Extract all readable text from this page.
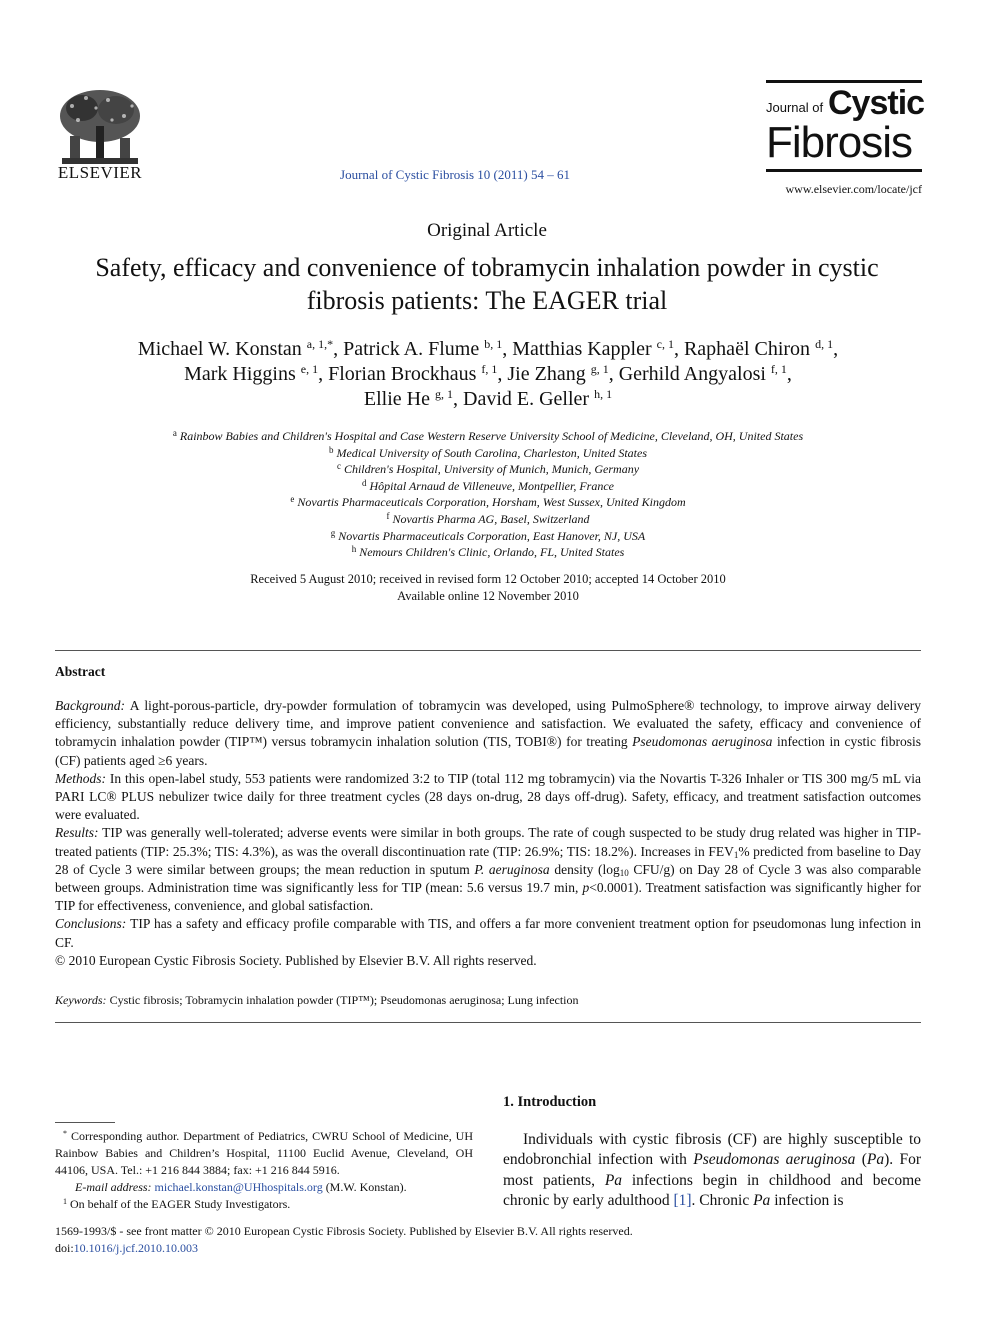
ELSEVIER	Journal of Cystic Fibrosis 10 (2011) 54 – 61
Journal of Cystic
Fibrosis
www.elsevier.com/locate/jcf
Original Article
Safety, efficacy and convenience of tobramycin inhalation powder in cystic
fibrosis patients: The EAGER trial
Michael W. Konstan $^{a, 1,*}$, Patrick A. Flume $^{b, 1}$, Matthias Kappler $^{c, 1}$, Raphaël Chiron $^{d, 1}$,
Mark Higgins $^{e, 1}$, Florian Brockhaus $^{f, 1}$, Jie Zhang $^{g, 1}$, Gerhild Angyalosi $^{f, 1}$,
Ellie He $^{g, 1}$, David E. Geller $^{h, 1}$
$^a$ Rainbow Babies and Children's Hospital and Case Western Reserve University School of Medicine, Cleveland, OH, United States
$^b$ Medical University of South Carolina, Charleston, United States
$^c$ Children's Hospital, University of Munich, Munich, Germany
$^d$ Hôpital Arnaud de Villeneuve, Montpellier, France
$^e$ Novartis Pharmaceuticals Corporation, Horsham, West Sussex, United Kingdom
$^f$ Novartis Pharma AG, Basel, Switzerland
$^g$ Novartis Pharmaceuticals Corporation, East Hanover, NJ, USA
$^h$ Nemours Children's Clinic, Orlando, FL, United States
Received 5 August 2010; received in revised form 12 October 2010; accepted 14 October 2010
Available online 12 November 2010
Abstract

Background: A light-porous-particle, dry-powder formulation of tobramycin was developed, using PulmoSphere® technology, to improve airway delivery efficiency, substantially reduce delivery time, and improve patient convenience and satisfaction. We evaluated the safety, efficacy and convenience of tobramycin inhalation powder (TIP™) versus tobramycin inhalation solution (TIS, TOBI®) for treating Pseudomonas aeruginosa infection in cystic fibrosis (CF) patients aged ≥6 years.

Methods: In this open-label study, 553 patients were randomized 3:2 to TIP (total 112 mg tobramycin) via the Novartis T-326 Inhaler or TIS 300 mg/5 mL via PARI LC® PLUS nebulizer twice daily for three treatment cycles (28 days on-drug, 28 days off-drug). Safety, efficacy, and treatment satisfaction outcomes were evaluated.

Results: TIP was generally well-tolerated; adverse events were similar in both groups. The rate of cough suspected to be study drug related was higher in TIP-treated patients (TIP: 25.3%; TIS: 4.3%), as was the overall discontinuation rate (TIP: 26.9%; TIS: 18.2%). Increases in $FEV_1\%$ predicted from baseline to Day 28 of Cycle 3 were similar between groups; the mean reduction in sputum P. aeruginosa density ($\log_{10}$ CFU/g) on Day 28 of Cycle 3 was also comparable between groups. Administration time was significantly less for TIP (mean: 5.6 versus 19.7 min, p<0.0001). Treatment satisfaction was significantly higher for TIP for effectiveness, convenience, and global satisfaction.

Conclusions: TIP has a safety and efficacy profile comparable with TIS, and offers a far more convenient treatment option for pseudomonas lung infection in CF.

© 2010 European Cystic Fibrosis Society. Published by Elsevier B.V. All rights reserved.

Keywords: Cystic fibrosis; Tobramycin inhalation powder (TIP™); Pseudomonas aeruginosa; Lung infection

* Corresponding author. Department of Pediatrics, CWRU School of Medicine, UH Rainbow Babies and Children’s Hospital, 11100 Euclid Avenue, Cleveland, OH 44106, USA. Tel.: +1 216 844 3884; fax: +1 216 844 5916.

E-mail address: michael.konstan@UHhospitals.org (M.W. Konstan).

$^1$ On behalf of the EAGER Study Investigators.

1. Introduction
Individuals with cystic fibrosis (CF) are highly susceptible to endobronchial infection with Pseudomonas aeruginosa (Pa). For most patients, Pa infections begin in childhood and become chronic by early adulthood [1]. Chronic Pa infection is

1569-1993/$ - see front matter © 2010 European Cystic Fibrosis Society. Published by Elsevier B.V. All rights reserved.

doi:10.1016/j.jcf.2010.10.003
